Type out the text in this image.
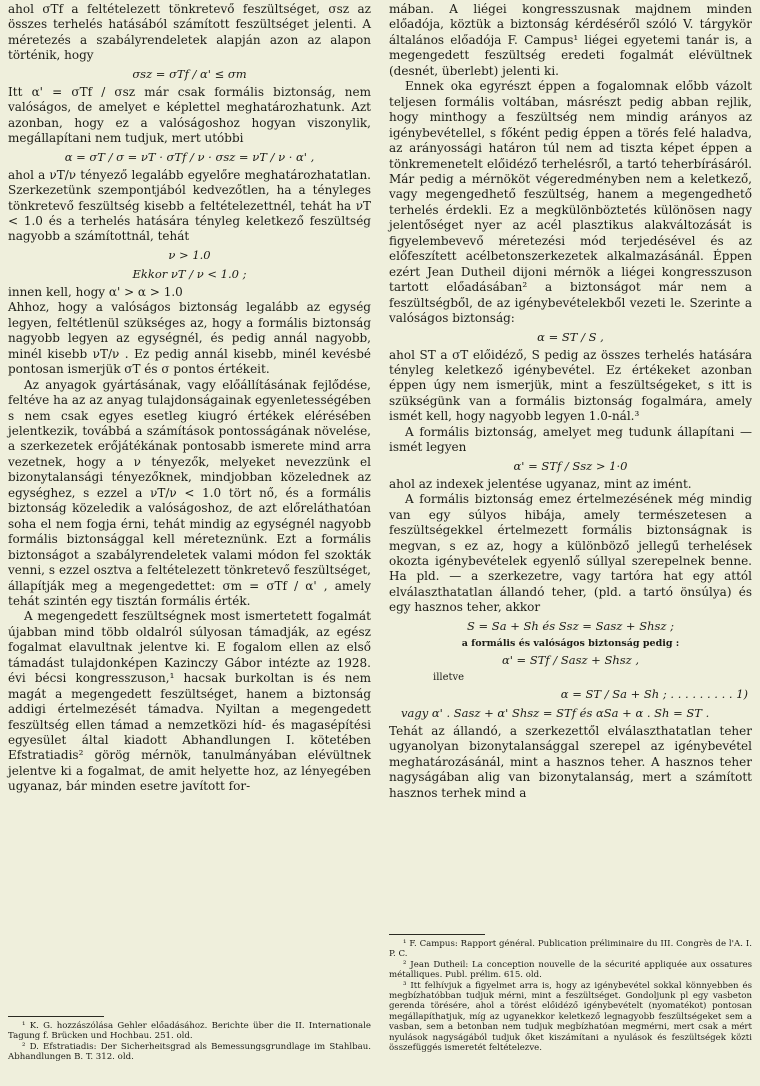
ahol σTf a feltételezett tönkretevő feszültséget, σsz az összes terhelés hatásából számított feszültséget jelenti. A méretezés a szabályrendeletek alapján azon az alapon történik, hogy

σsz = σTf / α' ≤ σm

Itt α' = σTf / σsz már csak formális biztonság, nem valóságos, de amelyet e képlettel meghatározhatunk. Azt azonban, hogy ez a valóságoshoz hogyan viszonylik, megállapítani nem tudjuk, mert utóbbi

α = σT / σ = νT · σTf / ν · σsz = νT / ν · α' ,

ahol a νT/ν tényező legalább egyelőre meghatározhatatlan. Szerkezetünk szempontjából kedvezőtlen, ha a tényleges tönkretevő feszültség kisebb a feltételezettnél, tehát ha νT < 1.0 és a terhelés hatására tényleg keletkező feszültség nagyobb a számítottnál, tehát

ν > 1.0
Ekkor νT / ν < 1.0 ;

innen kell, hogy α' > α > 1.0

Ahhoz, hogy a valóságos biztonság legalább az egység legyen, feltétlenül szükséges az, hogy a formális biztonság nagyobb legyen az egységnél, és pedig annál nagyobb, minél kisebb νT/ν . Ez pedig annál kisebb, minél kevésbé pontosan ismerjük σT és σ pontos értékeit.

Az anyagok gyártásának, vagy előállításának fejlődése, feltéve ha az az anyag tulajdonságainak egyenletességében s nem csak egyes esetleg kiugró értékek elérésében jelentkezik, továbbá a számítások pontosságának növelése, a szerkezetek erőjátékának pontosabb ismerete mind arra vezetnek, hogy a ν tényezők, melyeket nevezzünk el bizonytalansági tényezőknek, mindjobban közelednek az egységhez, s ezzel a νT/ν < 1.0 tört nő, és a formális biztonság közeledik a valóságoshoz, de azt előreláthatóan soha el nem fogja érni, tehát mindig az egységnél nagyobb formális biztonsággal kell méreteznünk. Ezt a formális biztonságot a szabályrendeletek valami módon fel szokták venni, s ezzel osztva a feltételezett tönkretevő feszültséget, állapítják meg a megengedettet: σm = σTf / α' , amely tehát szintén egy tisztán formális érték.

A megengedett feszültségnek most ismertetett fogalmát újabban mind több oldalról súlyosan támadják, az egész fogalmat elavultnak jelentve ki. E fogalom ellen az első támadást tulajdonképen Kazinczy Gábor intézte az 1928. évi bécsi kongresszuson,¹ hacsak burkoltan is és nem magát a megengedett feszültséget, hanem a biztonság addigi értelmezését támadva. Nyiltan a megengedett feszültség ellen támad a nemzetközi híd- és magasépítési egyesület által kiadott Abhandlungen I. kötetében Efstratiadis² görög mérnök, tanulmányában elévültnek jelentve ki a fogalmat, de amit helyette hoz, az lényegében ugyanaz, bár minden esetre javított for-

¹ K. G. hozzászólása Gehler előadásához. Berichte über die II. Internationale Tagung f. Brücken und Hochbau. 251. old.

² D. Efstratiadis: Der Sicherheitsgrad als Bemessungsgrundlage im Stahlbau. Abhandlungen B. T. 312. old.

mában. A liégei kongresszusnak majdnem minden előadója, köztük a biztonság kérdéséről szóló V. tárgykör általános előadója F. Campus¹ liégei egyetemi tanár is, a megengedett feszültség eredeti fogalmát elévültnek (desnét, überlebt) jelenti ki.

Ennek oka egyrészt éppen a fogalomnak előbb vázolt teljesen formális voltában, másrészt pedig abban rejlik, hogy minthogy a feszültség nem mindig arányos az igénybevétellel, s főként pedig éppen a törés felé haladva, az arányossági határon túl nem ad tiszta képet éppen a tönkremenetelt előidéző terhelésről, a tartó teherbírásáról. Már pedig a mérnököt végeredményben nem a keletkező, vagy megengedhető feszültség, hanem a megengedhető terhelés érdekli. Ez a megkülönböztetés különösen nagy jelentőséget nyer az acél plasztikus alakváltozását is figyelembevevő méretezési mód terjedésével és az előfeszített acélbetonszerkezetek alkalmazásánál. Éppen ezért Jean Dutheil dijoni mérnök a liégei kongresszuson tartott előadásában² a biztonságot már nem a feszültségből, de az igénybevételekből vezeti le. Szerinte a valóságos biztonság:

α = ST / S ,

ahol ST a σT előidéző, S pedig az összes terhelés hatására tényleg keletkező igénybevétel. Ez értékeket azonban éppen úgy nem ismerjük, mint a feszültségeket, s itt is szükségünk van a formális biztonság fogalmára, amely ismét kell, hogy nagyobb legyen 1.0-nál.³

A formális biztonság, amelyet meg tudunk állapítani — ismét legyen

α' = STf / Ssz > 1·0

ahol az indexek jelentése ugyanaz, mint az imént.

A formális biztonság emez értelmezésének még mindig van egy súlyos hibája, amely természetesen a feszültségekkel értelmezett formális biztonságnak is megvan, s ez az, hogy a különböző jellegű terhelések okozta igénybevételek egyenlő súllyal szerepelnek benne. Ha pld. — a szerkezetre, vagy tartóra hat egy attól elválaszthatatlan állandó teher, (pld. a tartó önsúlya) és egy hasznos teher, akkor

S = Sa + Sh és Ssz = Sasz + Shsz ;
a formális és valóságos biztonság pedig :
α' = STf / Sasz + Shsz ,
illetve
α = ST / Sa + Sh ; . . . . . . . . . 1)
vagy α' . Sasz + α' Shsz = STf és αSa + α . Sh = ST .

Tehát az állandó, a szerkezettől elválaszthatatlan teher ugyanolyan bizonytalansággal szerepel az igénybevétel meghatározásánál, mint a hasznos teher. A hasznos teher nagyságában alig van bizonytalanság, mert a számított hasznos terhek mind a

¹ F. Campus: Rapport général. Publication préliminaire du III. Congrès de l'A. I. P. C.

² Jean Dutheil: La conception nouvelle de la sécurité appliquée aux ossatures métalliques. Publ. prélim. 615. old.

³ Itt felhívjuk a figyelmet arra is, hogy az igénybevétel sokkal könnyebben és megbízhatóbban tudjuk mérni, mint a feszültséget. Gondoljunk pl egy vasbeton gerenda törésére, ahol a törést előidéző igénybevételt (nyomatékot) pontosan megállapíthatjuk, míg az ugyanekkor keletkező legnagyobb feszültségeket sem a vasban, sem a betonban nem tudjuk megbízhatóan megmérni, mert csak a mért nyulások nagyságából tudjuk őket kiszámítani a nyulások és feszültségek közti összefüggés ismeretét feltételezve.
